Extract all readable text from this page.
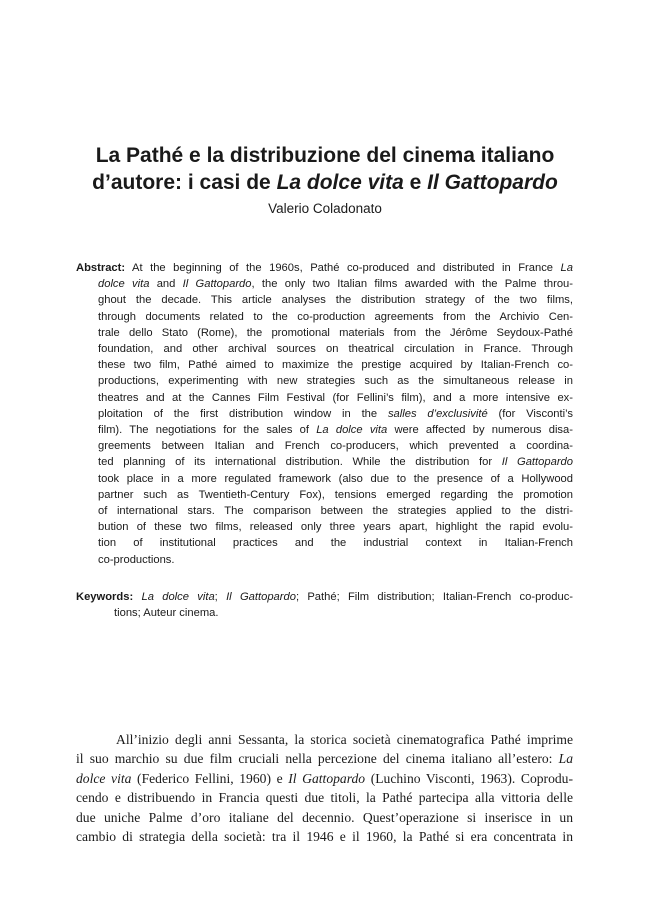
La Pathé e la distribuzione del cinema italiano
d’autore: i casi de La dolce vita e Il Gattopardo

Valerio Coladonato

Abstract: At the beginning of the 1960s, Pathé co-produced and distributed in France La
dolce vita and Il Gattopardo, the only two Italian films awarded with the Palme throu-
ghout the decade. This article analyses the distribution strategy of the two films,
through documents related to the co-production agreements from the Archivio Cen-
trale dello Stato (Rome), the promotional materials from the Jérôme Seydoux-Pathé
foundation, and other archival sources on theatrical circulation in France. Through
these two film, Pathé aimed to maximize the prestige acquired by Italian-French co-
productions, experimenting with new strategies such as the simultaneous release in
theatres and at the Cannes Film Festival (for Fellini’s film), and a more intensive ex-
ploitation of the first distribution window in the salles d’exclusivité (for Visconti’s
film). The negotiations for the sales of La dolce vita were affected by numerous disa-
greements between Italian and French co-producers, which prevented a coordina-
ted planning of its international distribution. While the distribution for Il Gattopardo
took place in a more regulated framework (also due to the presence of a Hollywood
partner such as Twentieth-Century Fox), tensions emerged regarding the promotion
of international stars. The comparison between the strategies applied to the distri-
bution of these two films, released only three years apart, highlight the rapid evolu-
tion of institutional practices and the industrial context in Italian-French
co-productions.
Keywords: La dolce vita; Il Gattopardo; Pathé; Film distribution; Italian-French co-produc-
tions; Auteur cinema.
All’inizio degli anni Sessanta, la storica società cinematografica Pathé imprime
il suo marchio su due film cruciali nella percezione del cinema italiano all’estero: La
dolce vita (Federico Fellini, 1960) e Il Gattopardo (Luchino Visconti, 1963). Coprodu-
cendo e distribuendo in Francia questi due titoli, la Pathé partecipa alla vittoria delle
due uniche Palme d’oro italiane del decennio. Quest’operazione si inserisce in un
cambio di strategia della società: tra il 1946 e il 1960, la Pathé si era concentrata in
